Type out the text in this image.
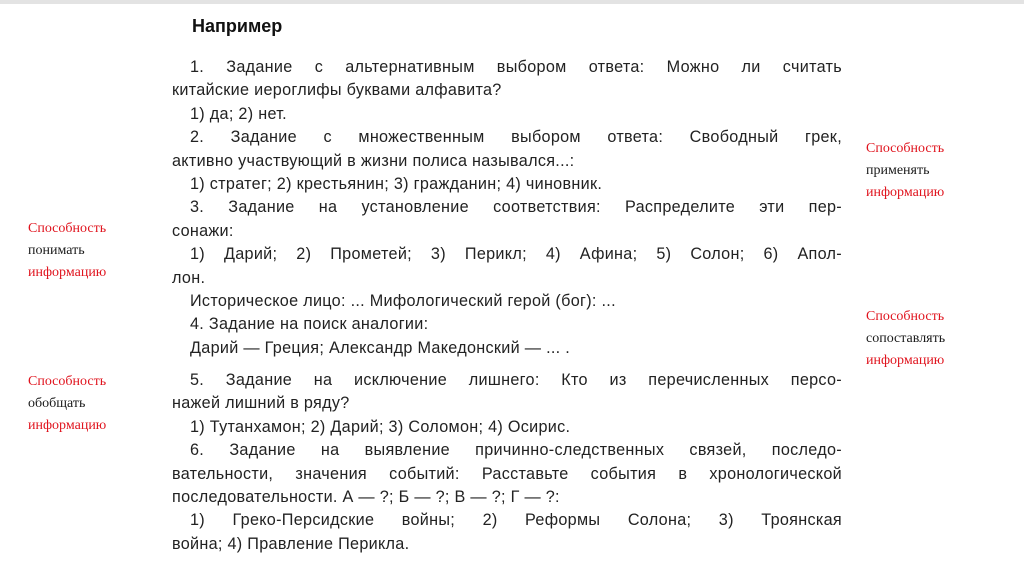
Например
1. Задание с альтернативным выбором ответа: Можно ли считать
китайские иероглифы буквами алфавита?
1) да; 2) нет.
2. Задание с множественным выбором ответа: Свободный грек,
активно участвующий в жизни полиса назывался...:
1) стратег; 2) крестьянин; 3) гражданин; 4) чиновник.
3. Задание на установление соответствия: Распределите эти пер-
сонажи:
1) Дарий; 2) Прометей; 3) Перикл; 4) Афина; 5) Солон; 6) Апол-
лон.
Историческое лицо: ... Мифологический герой (бог): ...
4. Задание на поиск аналогии:
Дарий — Греция; Александр Македонский — ... .
5. Задание на исключение лишнего: Кто из перечисленных персо-
нажей лишний в ряду?
1) Тутанхамон; 2) Дарий; 3) Соломон; 4) Осирис.
6. Задание на выявление причинно-следственных связей, последо-
вательности, значения событий: Расставьте события в хронологической
последовательности. А — ?; Б — ?; В — ?; Г — ?:
1) Греко-Персидские войны; 2) Реформы Солона; 3) Троянская
война; 4) Правление Перикла.

Способность
понимать
информацию

Способность
обобщать
информацию

Способность
применять
информацию

Способность
сопоставлять
информацию
